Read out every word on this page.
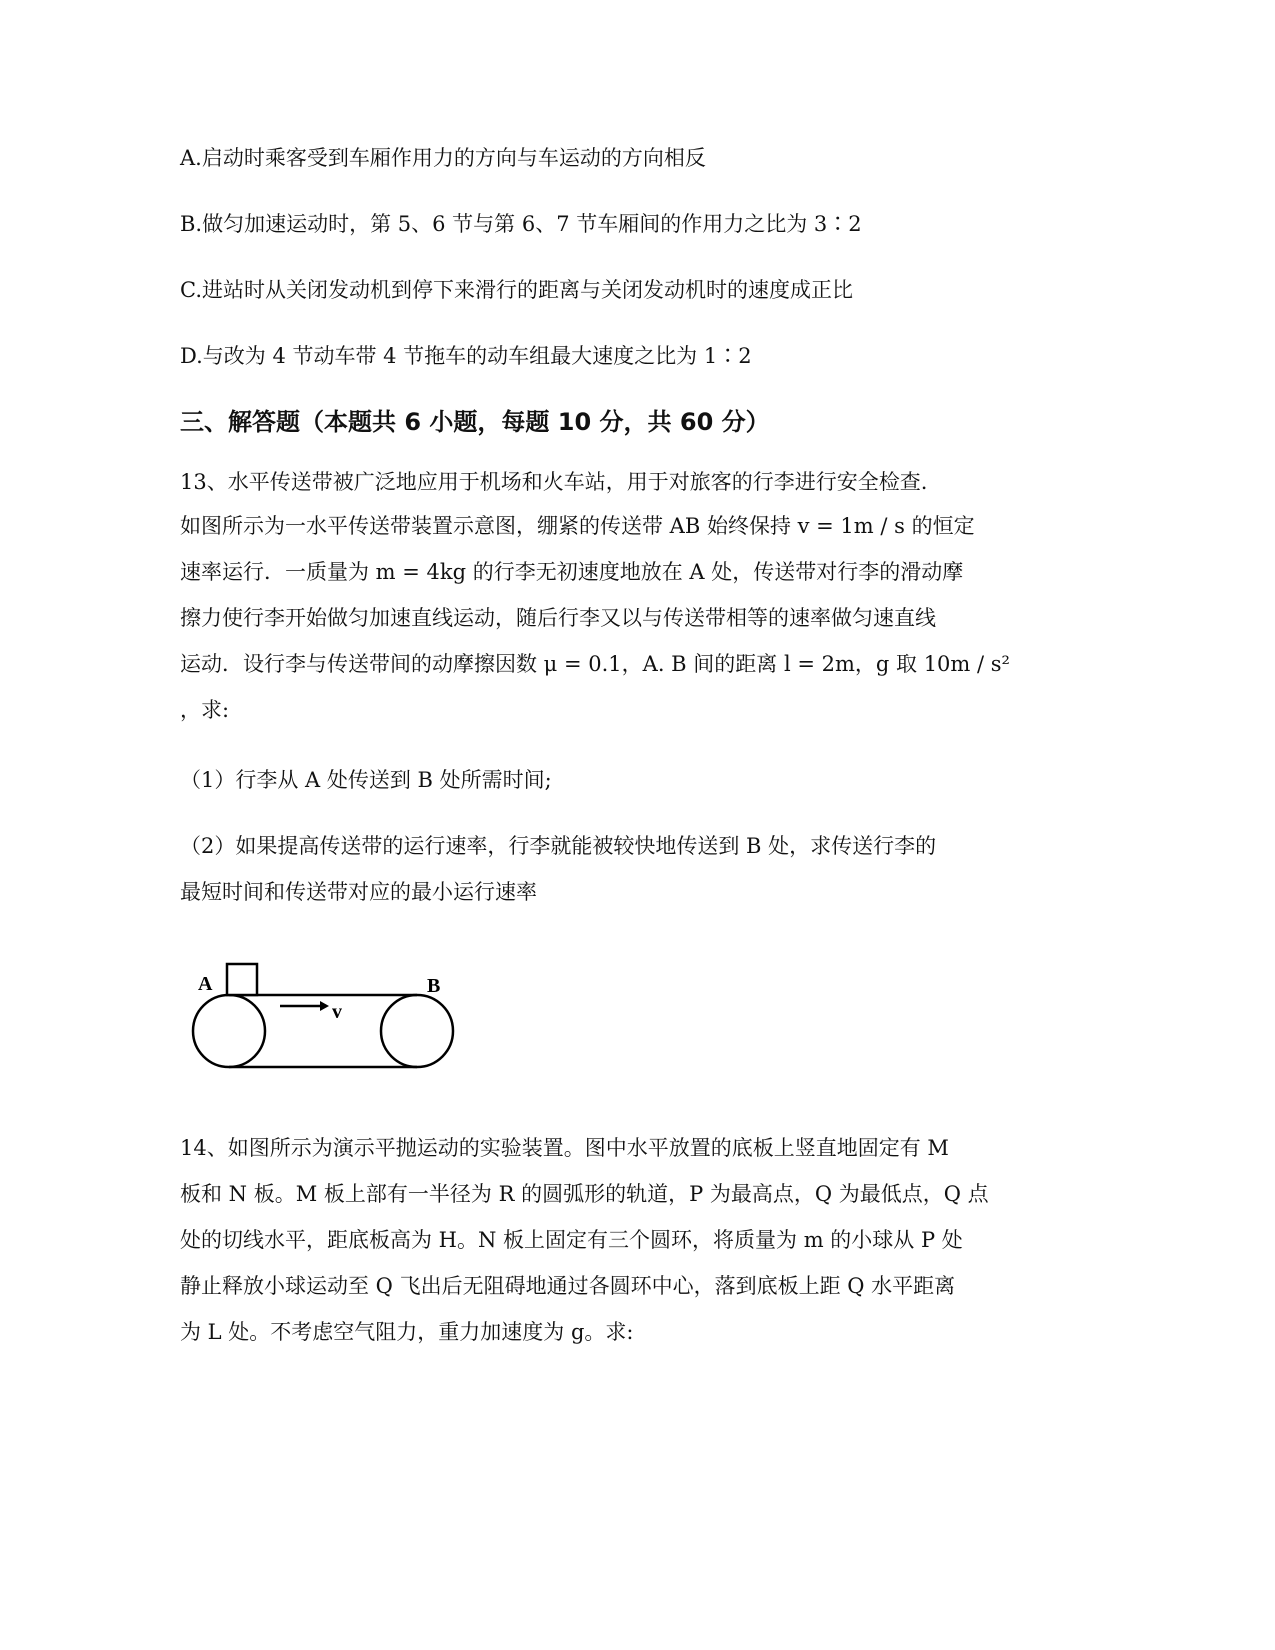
A.启动时乘客受到车厢作用力的方向与车运动的方向相反
B.做匀加速运动时，第 5、6 节与第 6、7 节车厢间的作用力之比为 3∶2
C.进站时从关闭发动机到停下来滑行的距离与关闭发动机时的速度成正比
D.与改为 4 节动车带 4 节拖车的动车组最大速度之比为 1∶2
三、解答题（本题共 6 小题，每题 10 分，共 60 分）
13、水平传送带被广泛地应用于机场和火车站，用于对旅客的行李进行安全检查.
如图所示为一水平传送带装置示意图，绷紧的传送带 AB 始终保持 v = 1m / s 的恒定
速率运行．一质量为 m = 4kg 的行李无初速度地放在 A 处，传送带对行李的滑动摩
擦力使行李开始做匀加速直线运动，随后行李又以与传送带相等的速率做匀速直线
运动．设行李与传送带间的动摩擦因数 μ = 0.1，A. B 间的距离 l = 2m，g 取 10m / s²
，求:
（1）行李从 A 处传送到 B 处所需时间;
（2）如果提高传送带的运行速率，行李就能被较快地传送到 B 处，求传送行李的
最短时间和传送带对应的最小运行速率
A	B
v
14、如图所示为演示平抛运动的实验装置。图中水平放置的底板上竖直地固定有 M
板和 N 板。M 板上部有一半径为 R 的圆弧形的轨道，P 为最高点，Q 为最低点，Q 点
处的切线水平，距底板高为 H。N 板上固定有三个圆环，将质量为 m 的小球从 P 处
静止释放小球运动至 Q 飞出后无阻碍地通过各圆环中心，落到底板上距 Q 水平距离
为 L 处。不考虑空气阻力，重力加速度为 g。求:
